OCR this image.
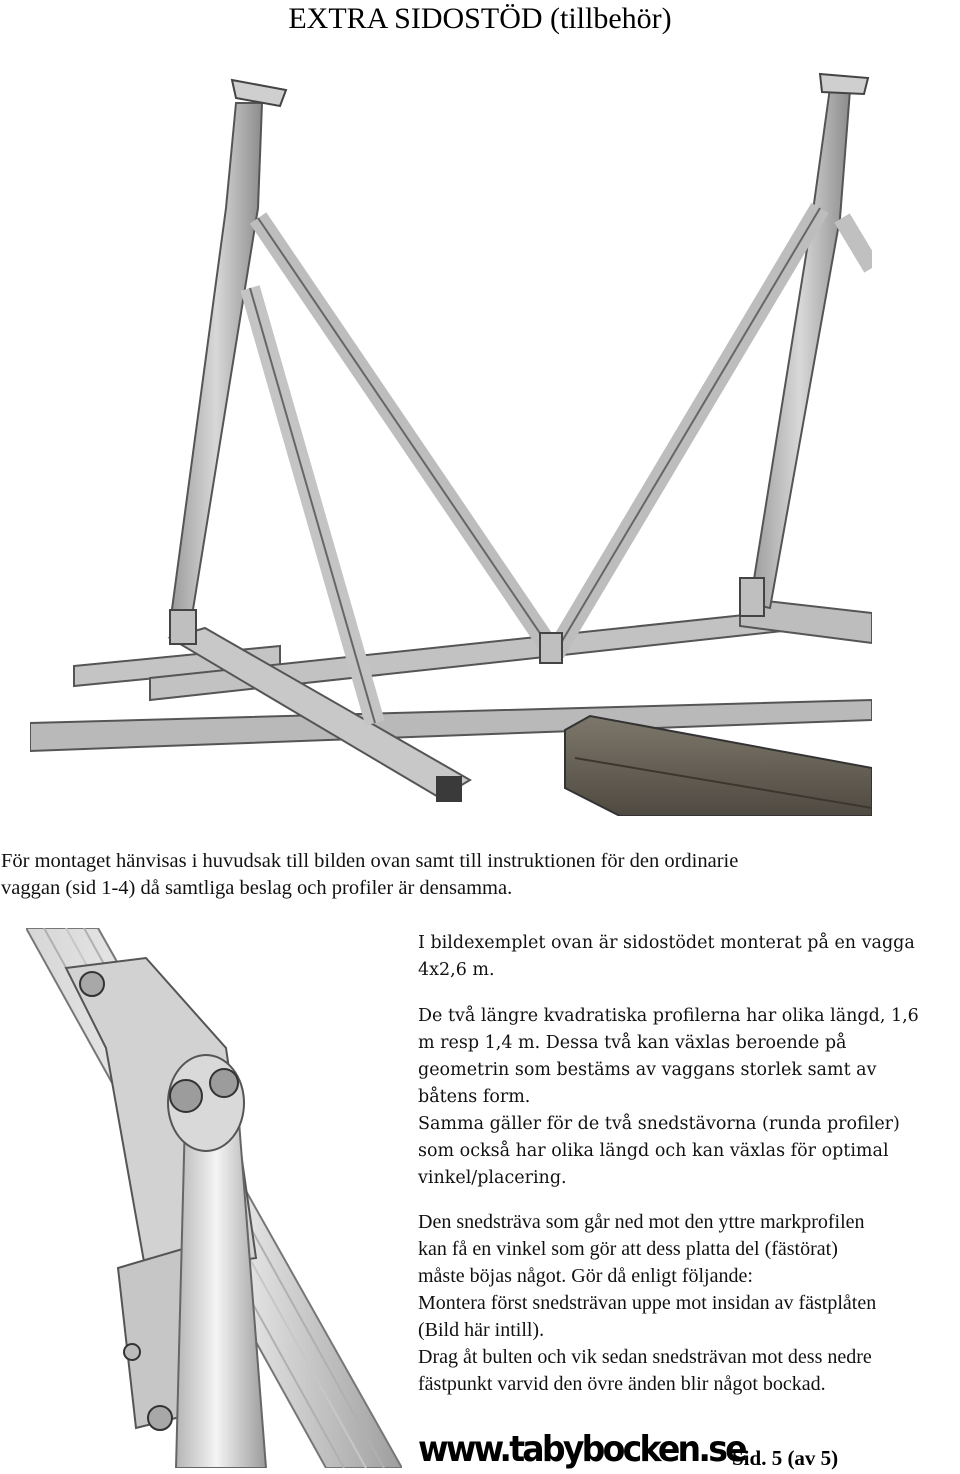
EXTRA SIDOSTÖD (tillbehör)

För montaget hänvisas i huvudsak till bilden ovan samt till instruktionen för den ordinarie
vaggan (sid 1-4) då samtliga beslag och profiler är densamma.

I bildexemplet ovan är sidostödet monterat på en vagga

4x2,6 m.

De två längre kvadratiska profilerna har olika längd, 1,6

m resp 1,4 m. Dessa två kan växlas beroende på

geometrin som bestäms av vaggans storlek samt av

båtens form.

Samma gäller för de två snedstävorna (runda profiler)

som också har olika längd och kan växlas för optimal

vinkel/placering.

Den snedsträva som går ned mot den yttre markprofilen

kan få en vinkel som gör att dess platta del (fästörat)

måste böjas något. Gör då enligt följande:

Montera först snedsträvan uppe mot insidan av fästplåten

(Bild här intill).

Drag åt bulten och vik sedan snedsträvan mot dess nedre

fästpunkt varvid den övre änden blir något bockad.

www.tabybocken.se
Sid. 5 (av 5)
